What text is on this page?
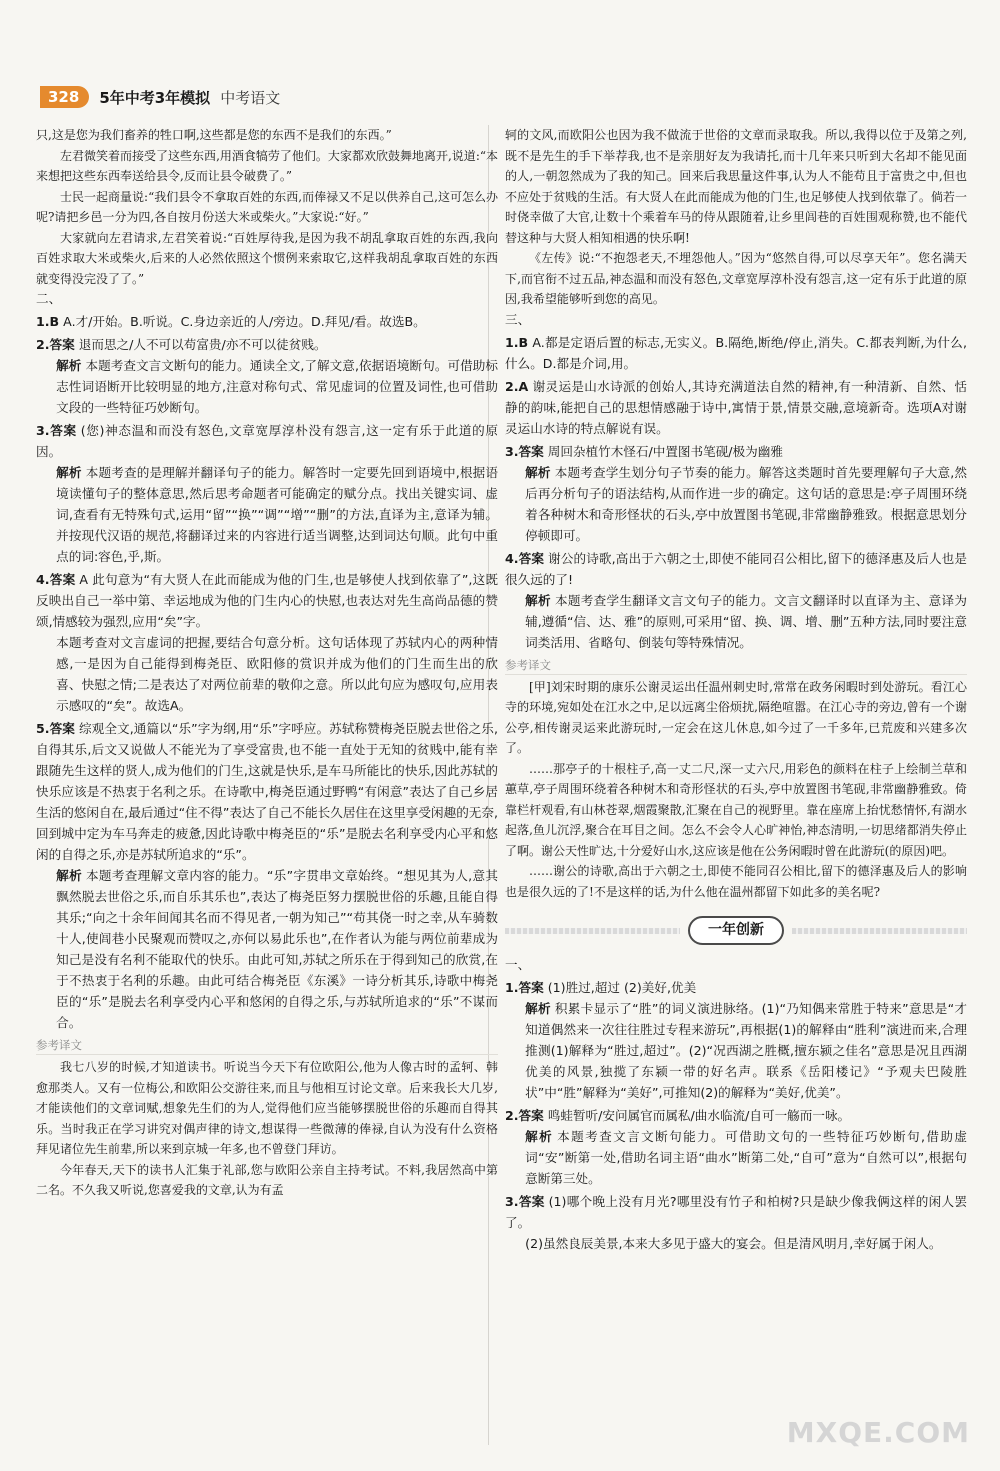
328	5年中考3年模拟 中考语文

只,这是您为我们畜养的牲口啊,这些都是您的东西不是我们的东西。”

左君微笑着而接受了这些东西,用酒食犒劳了他们。大家都欢欣鼓舞地离开,说道:“本来想把这些东西奉送给县令,反而让县令破费了。”

士民一起商量说:“我们县令不拿取百姓的东西,而俸禄又不足以供养自己,这可怎么办呢?请把乡邑一分为四,各自按月份送大米或柴火。”大家说:“好。”

大家就向左君请求,左君笑着说:“百姓厚待我,是因为我不胡乱拿取百姓的东西,我向百姓求取大米或柴火,后来的人必然依照这个惯例来索取它,这样我胡乱拿取百姓的东西就变得没完没了了。”

二、

1.B A.才/开始。B.听说。C.身边亲近的人/旁边。D.拜见/看。故选B。

2.答案 退而思之/人不可以苟富贵/亦不可以徒贫贱。

解析 本题考查文言文断句的能力。通读全文,了解文意,依据语境断句。可借助标志性词语断开比较明显的地方,注意对称句式、常见虚词的位置及词性,也可借助文段的一些特征巧妙断句。

3.答案 (您)神态温和而没有怒色,文章宽厚淳朴没有怨言,这一定有乐于此道的原因。

解析 本题考查的是理解并翻译句子的能力。解答时一定要先回到语境中,根据语境读懂句子的整体意思,然后思考命题者可能确定的赋分点。找出关键实词、虚词,查看有无特殊句式,运用“留”“换”“调”“增”“删”的方法,直译为主,意译为辅。并按现代汉语的规范,将翻译过来的内容进行适当调整,达到词达句顺。此句中重点的词:容色,乎,斯。

4.答案 A 此句意为“有大贤人在此而能成为他的门生,也是够使人找到依靠了”,这既反映出自己一举中第、幸运地成为他的门生内心的快慰,也表达对先生高尚品德的赞颂,情感较为强烈,应用“矣”字。

本题考查对文言虚词的把握,要结合句意分析。这句话体现了苏轼内心的两种情感,一是因为自己能得到梅尧臣、欧阳修的赏识并成为他们的门生而生出的欣喜、快慰之情;二是表达了对两位前辈的敬仰之意。所以此句应为感叹句,应用表示感叹的“矣”。故选A。

5.答案 综观全文,通篇以“乐”字为纲,用“乐”字呼应。苏轼称赞梅尧臣脱去世俗之乐,自得其乐,后文又说做人不能光为了享受富贵,也不能一直处于无知的贫贱中,能有幸跟随先生这样的贤人,成为他们的门生,这就是快乐,是车马所能比的快乐,因此苏轼的快乐应该是不热衷于名利之乐。在诗歌中,梅尧臣通过野鸭“有闲意”表达了自己乡居生活的悠闲自在,最后通过“住不得”表达了自己不能长久居住在这里享受闲趣的无奈,回到城中定为车马奔走的疲惫,因此诗歌中梅尧臣的“乐”是脱去名利享受内心平和悠闲的自得之乐,亦是苏轼所追求的“乐”。

解析 本题考查理解文章内容的能力。“乐”字贯串文章始终。“想见其为人,意其飘然脱去世俗之乐,而自乐其乐也”,表达了梅尧臣努力摆脱世俗的乐趣,且能自得其乐;“向之十余年间闻其名而不得见者,一朝为知己”“苟其侥一时之幸,从车骑数十人,使闾巷小民聚观而赞叹之,亦何以易此乐也”,在作者认为能与两位前辈成为知己是没有名利不能取代的快乐。由此可知,苏轼之所乐在于得到知己的欣赏,在于不热衷于名利的乐趣。由此可结合梅尧臣《东溪》一诗分析其乐,诗歌中梅尧臣的“乐”是脱去名利享受内心平和悠闲的自得之乐,与苏轼所追求的“乐”不谋而合。

参考译文

我七八岁的时候,才知道读书。听说当今天下有位欧阳公,他为人像古时的孟轲、韩愈那类人。又有一位梅公,和欧阳公交游往来,而且与他相互讨论文章。后来我长大几岁,才能读他们的文章词赋,想象先生们的为人,觉得他们应当能够摆脱世俗的乐趣而自得其乐。当时我正在学习讲究对偶声律的诗文,想谋得一些微薄的俸禄,自认为没有什么资格拜见诸位先生前辈,所以来到京城一年多,也不曾登门拜访。

今年春天,天下的读书人汇集于礼部,您与欧阳公亲自主持考试。不料,我居然高中第二名。不久我又听说,您喜爱我的文章,认为有孟

轲的文风,而欧阳公也因为我不做流于世俗的文章而录取我。所以,我得以位于及第之列,既不是先生的手下举荐我,也不是亲朋好友为我请托,而十几年来只听到大名却不能见面的人,一朝忽然成为了我的知己。回来后我思量这件事,认为人不能苟且于富贵之中,但也不应处于贫贱的生活。有大贤人在此而能成为他的门生,也足够使人找到依靠了。倘若一时侥幸做了大官,让数十个乘着车马的侍从跟随着,让乡里闾巷的百姓围观称赞,也不能代替这种与大贤人相知相遇的快乐啊!

《左传》说:“不抱怨老天,不埋怨他人。”因为“悠然自得,可以尽享天年”。您名满天下,而官衔不过五品,神态温和而没有怒色,文章宽厚淳朴没有怨言,这一定有乐于此道的原因,我希望能够听到您的高见。

三、

1.B A.都是定语后置的标志,无实义。B.隔绝,断绝/停止,消失。C.都表判断,为什么,什么。D.都是介词,用。

2.A 谢灵运是山水诗派的创始人,其诗充满道法自然的精神,有一种清新、自然、恬静的韵味,能把自己的思想情感融于诗中,寓情于景,情景交融,意境新奇。选项A对谢灵运山水诗的特点解说有误。

3.答案 周回杂植竹木怪石/中置图书笔砚/极为幽雅

解析 本题考查学生划分句子节奏的能力。解答这类题时首先要理解句子大意,然后再分析句子的语法结构,从而作进一步的确定。这句话的意思是:亭子周围环绕着各种树木和奇形怪状的石头,亭中放置图书笔砚,非常幽静雅致。根据意思划分停顿即可。

4.答案 谢公的诗歌,高出于六朝之士,即使不能同召公相比,留下的德泽惠及后人也是很久远的了!

解析 本题考查学生翻译文言文句子的能力。文言文翻译时以直译为主、意译为辅,遵循“信、达、雅”的原则,可采用“留、换、调、增、删”五种方法,同时要注意词类活用、省略句、倒装句等特殊情况。

参考译文

[甲]刘宋时期的康乐公谢灵运出任温州刺史时,常常在政务闲暇时到处游玩。看江心寺的环境,宛如处在江水之中,足以远离尘俗烦扰,隔绝喧嚣。在江心寺的旁边,曾有一个谢公亭,相传谢灵运来此游玩时,一定会在这儿休息,如今过了一千多年,已荒废和兴建多次了。

……那亭子的十根柱子,高一丈二尺,深一丈六尺,用彩色的颜料在柱子上绘制兰草和蕙草,亭子周围环绕着各种树木和奇形怪状的石头,亭中放置图书笔砚,非常幽静雅致。倚靠栏杆观看,有山林苍翠,烟霞聚散,汇聚在自己的视野里。靠在座席上抬忧愁情怀,有湖水起落,鱼儿沉浮,聚合在耳目之间。怎么不会令人心旷神怡,神态清明,一切思绪都消失停止了啊。谢公天性旷达,十分爱好山水,这应该是他在公务闲暇时曾在此游玩(的原因)吧。

……谢公的诗歌,高出于六朝之士,即使不能同召公相比,留下的德泽惠及后人的影响也是很久远的了!不是这样的话,为什么他在温州都留下如此多的美名呢?

一年创新

一、

1.答案 (1)胜过,超过 (2)美好,优美

解析 积累卡显示了“胜”的词义演进脉络。(1)“乃知偶来常胜于特来”意思是“才知道偶然来一次往往胜过专程来游玩”,再根据(1)的解释由“胜利”演进而来,合理推测(1)解释为“胜过,超过”。(2)“况西湖之胜概,擅东颍之佳名”意思是况且西湖优美的风景,独揽了东颍一带的好名声。联系《岳阳楼记》“予观夫巴陵胜状”中“胜”解释为“美好”,可推知(2)的解释为“美好,优美”。

2.答案 鸣蛙暂听/安问属官而属私/曲水临流/自可一觞而一咏。

解析 本题考查文言文断句能力。可借助文句的一些特征巧妙断句,借助虚词“安”断第一处,借助名词主语“曲水”断第二处,“自可”意为“自然可以”,根据句意断第三处。

3.答案 (1)哪个晚上没有月光?哪里没有竹子和柏树?只是缺少像我俩这样的闲人罢了。

(2)虽然良辰美景,本来大多见于盛大的宴会。但是清风明月,幸好属于闲人。

MXQE.COM
